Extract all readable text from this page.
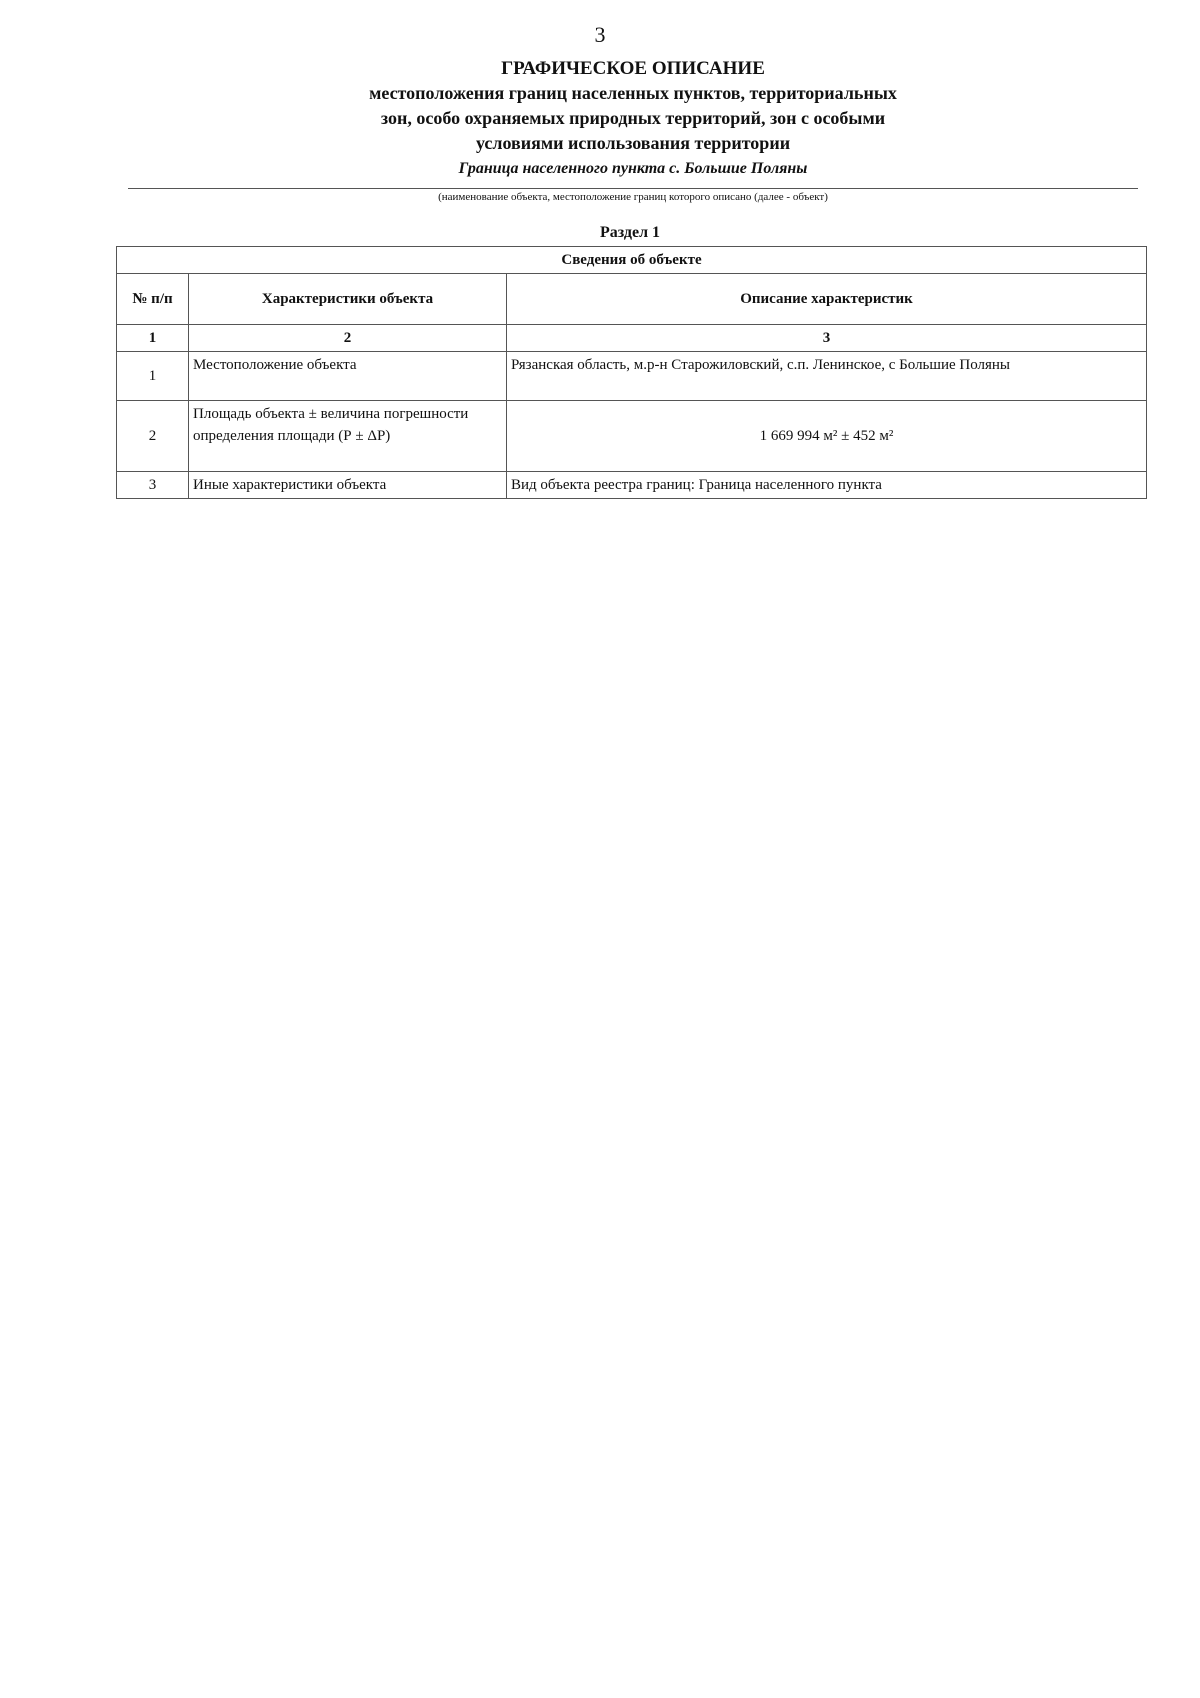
3
ГРАФИЧЕСКОЕ ОПИСАНИЕ
местоположения границ населенных пунктов, территориальных
зон, особо охраняемых природных территорий, зон с особыми
условиями использования территории
Граница населенного пункта с. Большие Поляны
(наименование объекта, местоположение границ которого описано (далее - объект)
Раздел 1
Сведения об объекте		
№ п/п	Характеристики объекта	Описание характеристик
1	2	3
1	Местоположение объекта	Рязанская область, м.р-н Старожиловский, с.п. Ленинское, с Большие Поляны
2	Площадь объекта ± величина погрешности определения площади (Р ± ΔР)	1 669 994 м² ± 452 м²
3	Иные характеристики объекта	Вид объекта реестра границ: Граница населенного пункта
